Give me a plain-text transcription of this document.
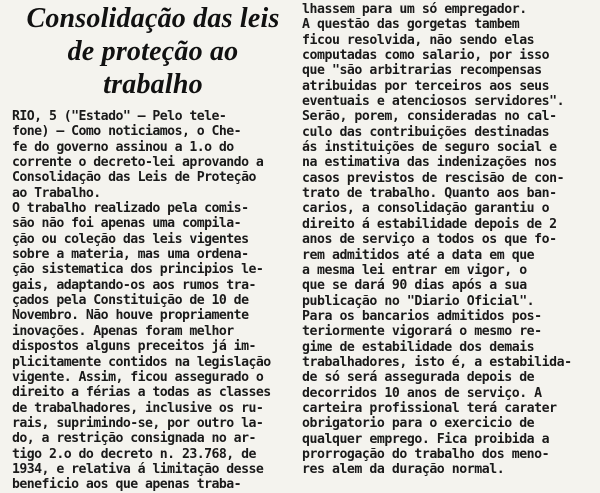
Consolidação das leis
de proteção ao
trabalho
RIO, 5 ("Estado" — Pelo tele-
fone) — Como noticiamos, o Che-
fe do governo assinou a 1.o do
corrente o decreto-lei aprovando a
Consolidação das Leis de Proteção
ao Trabalho.
O trabalho realizado pela comis-
são não foi apenas uma compila-
ção ou coleção das leis vigentes
sobre a materia, mas uma ordena-
ção sistematica dos principios le-
gais, adaptando-os aos rumos tra-
çados pela Constituição de 10 de
Novembro. Não houve propriamente
inovações. Apenas foram melhor
dispostos alguns preceitos já im-
plicitamente contidos na legislação
vigente. Assim, ficou assegurado o
direito a férias a todas as classes
de trabalhadores, inclusive os ru-
rais, suprimindo-se, por outro la-
do, a restrição consignada no ar-
tigo 2.o do decreto n. 23.768, de
1934, e relativa á limitação desse
beneficio aos que apenas traba-
lhassem para um só empregador.
A questão das gorgetas tambem
ficou resolvida, não sendo elas
computadas como salario, por isso
que "são arbitrarias recompensas
atribuidas por terceiros aos seus
eventuais e atenciosos servidores".
Serão, porem, consideradas no cal-
culo das contribuições destinadas
ás instituições de seguro social e
na estimativa das indenizações nos
casos previstos de rescisão de con-
trato de trabalho. Quanto aos ban-
carios, a consolidação garantiu o
direito á estabilidade depois de 2
anos de serviço a todos os que fo-
rem admitidos até a data em que
a mesma lei entrar em vigor, o
que se dará 90 dias após a sua
publicação no "Diario Oficial".
Para os bancarios admitidos pos-
teriormente vigorará o mesmo re-
gime de estabilidade dos demais
trabalhadores, isto é, a estabilida-
de só será assegurada depois de
decorridos 10 anos de serviço. A
carteira profissional terá carater
obrigatorio para o exercicio de
qualquer emprego. Fica proibida a
prorrogação do trabalho dos meno-
res alem da duração normal.
